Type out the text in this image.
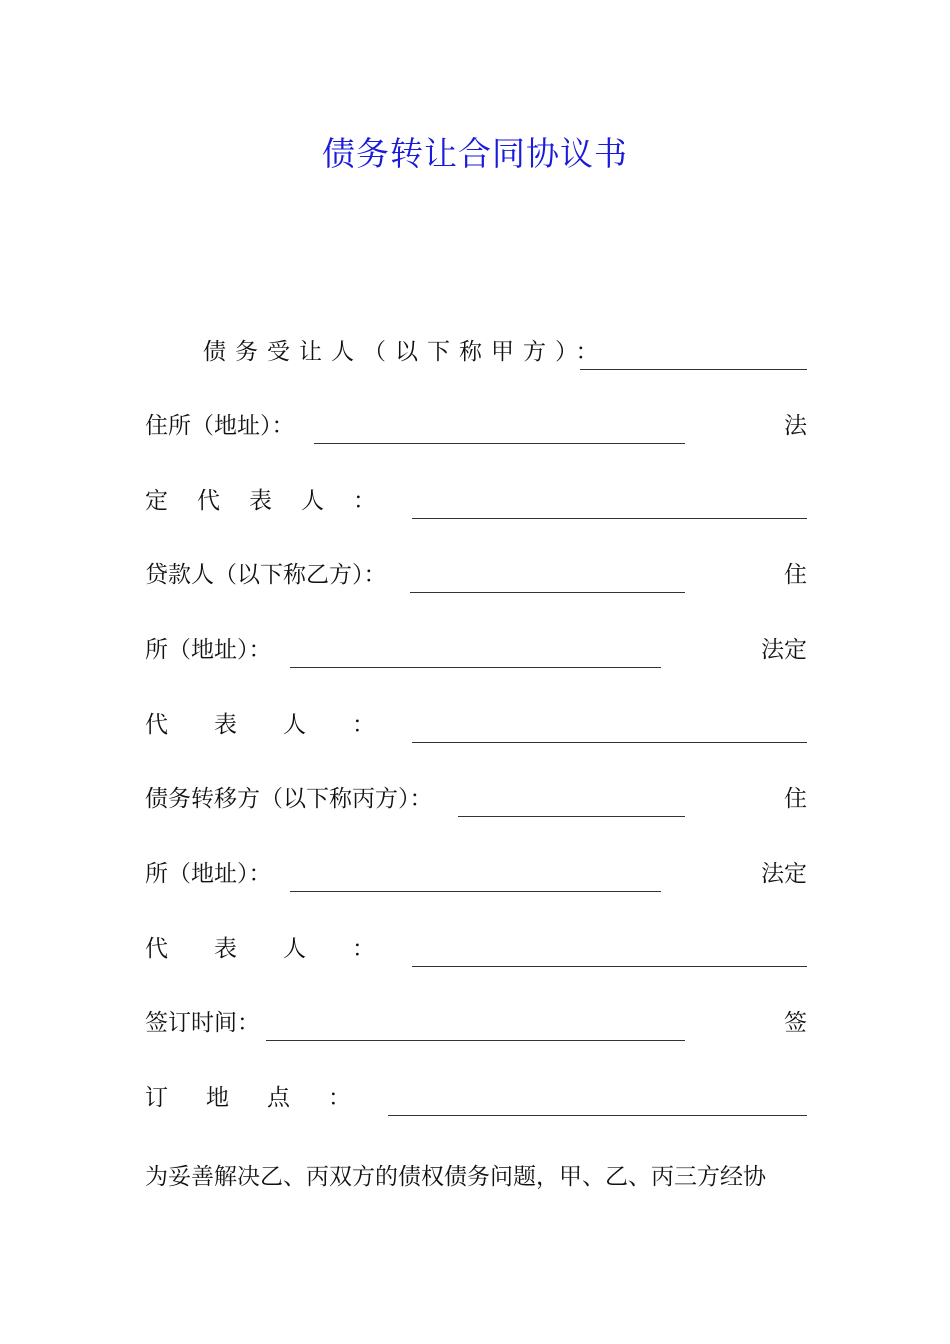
债务转让合同协议书
债务受让人（以下称甲方）：
住所（地址）：	法
定代表人：
贷款人（以下称乙方）：	住
所（地址）：	法定
代表人：
债务转移方（以下称丙方）：	住
所（地址）：	法定
代表人：
签订时间：	签
订地点：
为妥善解决乙、丙双方的债权债务问题，甲、乙、丙三方经协
